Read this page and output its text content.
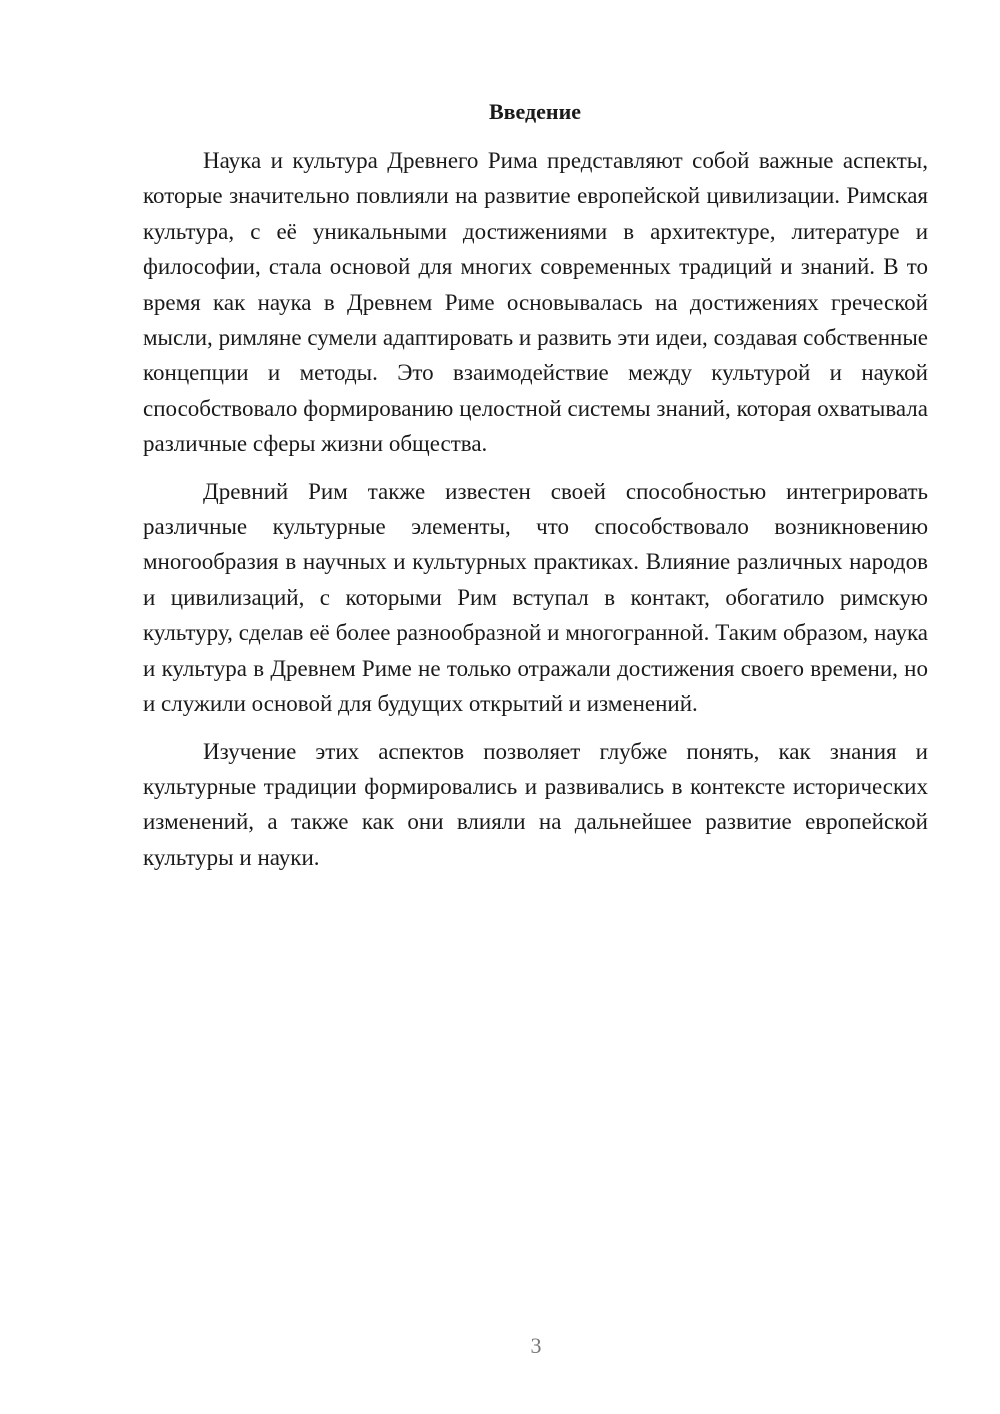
Введение

Наука и культура Древнего Рима представляют собой важные аспекты, которые значительно повлияли на развитие европейской цивилизации. Римская культура, с её уникальными достижениями в архитектуре, литературе и философии, стала основой для многих современных традиций и знаний. В то время как наука в Древнем Риме основывалась на достижениях греческой мысли, римляне сумели адаптировать и развить эти идеи, создавая собственные концепции и методы. Это взаимодействие между культурой и наукой способствовало формированию целостной системы знаний, которая охватывала различные сферы жизни общества.

Древний Рим также известен своей способностью интегрировать различные культурные элементы, что способствовало возникновению многообразия в научных и культурных практиках. Влияние различных народов и цивилизаций, с которыми Рим вступал в контакт, обогатило римскую культуру, сделав её более разнообразной и многогранной. Таким образом, наука и культура в Древнем Риме не только отражали достижения своего времени, но и служили основой для будущих открытий и изменений.

Изучение этих аспектов позволяет глубже понять, как знания и культурные традиции формировались и развивались в контексте исторических изменений, а также как они влияли на дальнейшее развитие европейской культуры и науки.

3
